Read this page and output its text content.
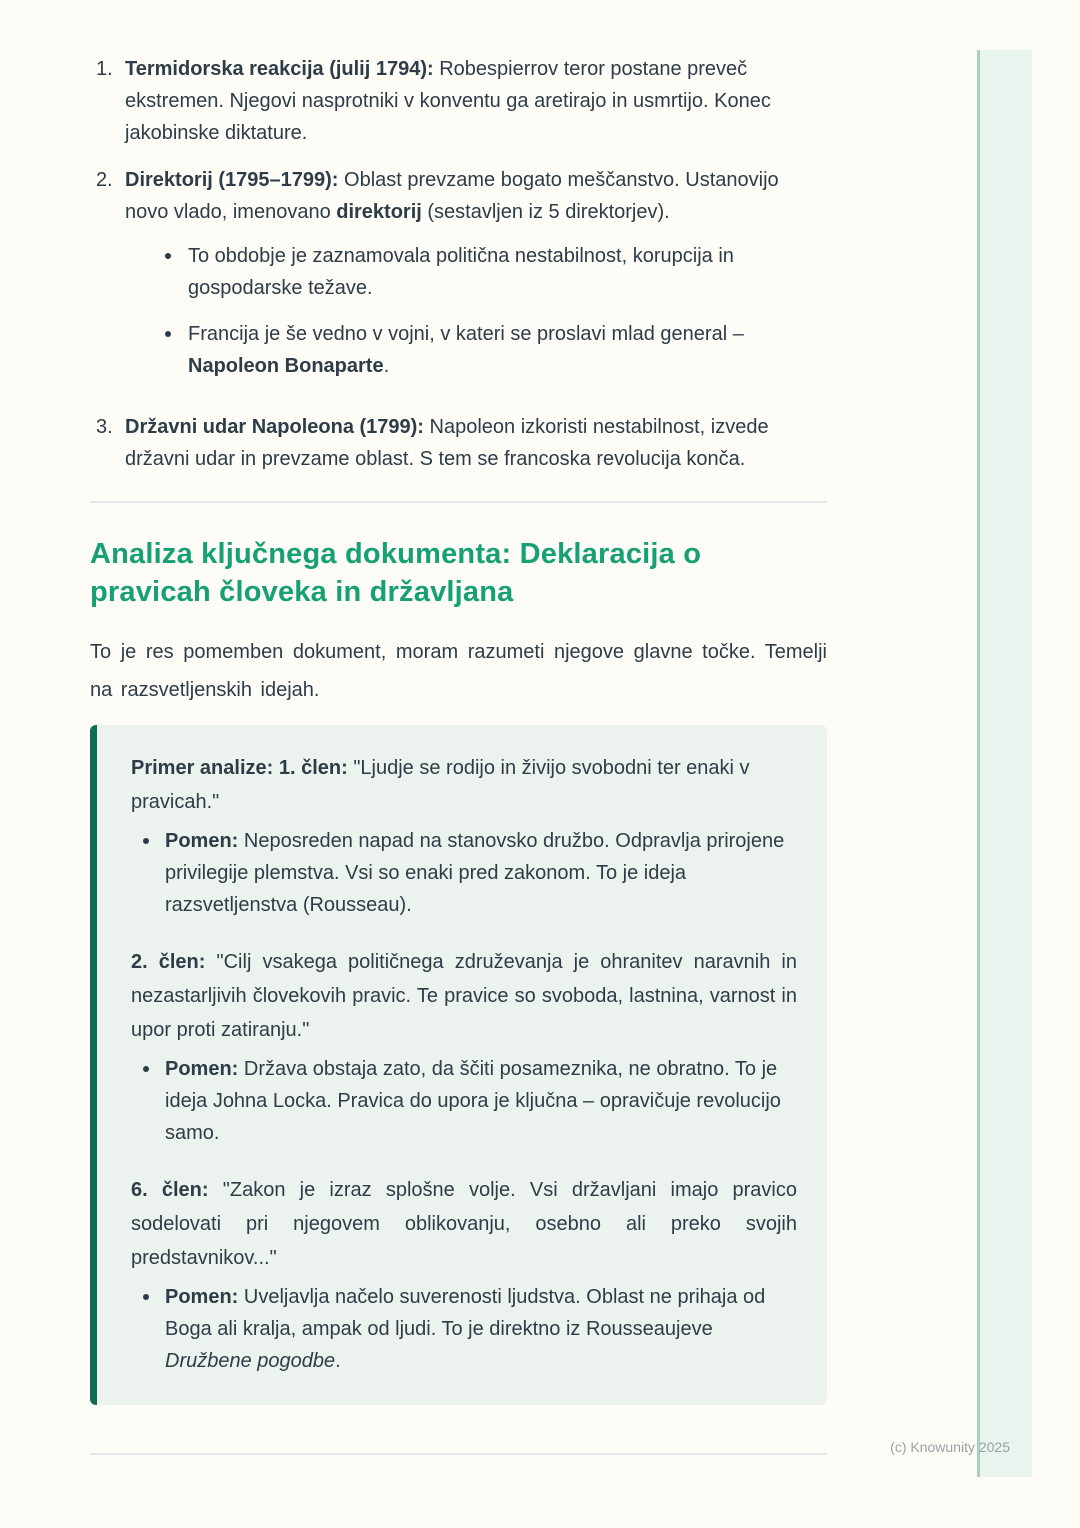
1. Termidorska reakcija (julij 1794): Robespierrov teror postane preveč ekstremen. Njegovi nasprotniki v konventu ga aretirajo in usmrtijo. Konec jakobinske diktature.
2. Direktorij (1795–1799): Oblast prevzame bogato meščanstvo. Ustanovijo novo vlado, imenovano direktorij (sestavljen iz 5 direktorjev).
To obdobje je zaznamovala politična nestabilnost, korupcija in gospodarske težave.
Francija je še vedno v vojni, v kateri se proslavi mlad general – Napoleon Bonaparte.
3. Državni udar Napoleona (1799): Napoleon izkoristi nestabilnost, izvede državni udar in prevzame oblast. S tem se francoska revolucija konča.
Analiza ključnega dokumenta: Deklaracija o pravicah človeka in državljana

To je res pomemben dokument, moram razumeti njegove glavne točke. Temelji na razsvetljenskih idejah.

Primer analize: 1. člen: "Ljudje se rodijo in živijo svobodni ter enaki v pravicah."
Pomen: Neposreden napad na stanovsko družbo. Odpravlja prirojene privilegije plemstva. Vsi so enaki pred zakonom. To je ideja razsvetljenstva (Rousseau).
2. člen: "Cilj vsakega političnega združevanja je ohranitev naravnih in nezastarljivih človekovih pravic. Te pravice so svoboda, lastnina, varnost in upor proti zatiranju."
Pomen: Država obstaja zato, da ščiti posameznika, ne obratno. To je ideja Johna Locka. Pravica do upora je ključna – opravičuje revolucijo samo.
6. člen: "Zakon je izraz splošne volje. Vsi državljani imajo pravico sodelovati pri njegovem oblikovanju, osebno ali preko svojih predstavnikov..."
Pomen: Uveljavlja načelo suverenosti ljudstva. Oblast ne prihaja od Boga ali kralja, ampak od ljudi. To je direktno iz Rousseaujeve Družbene pogodbe.
(c) Knowunity 2025
